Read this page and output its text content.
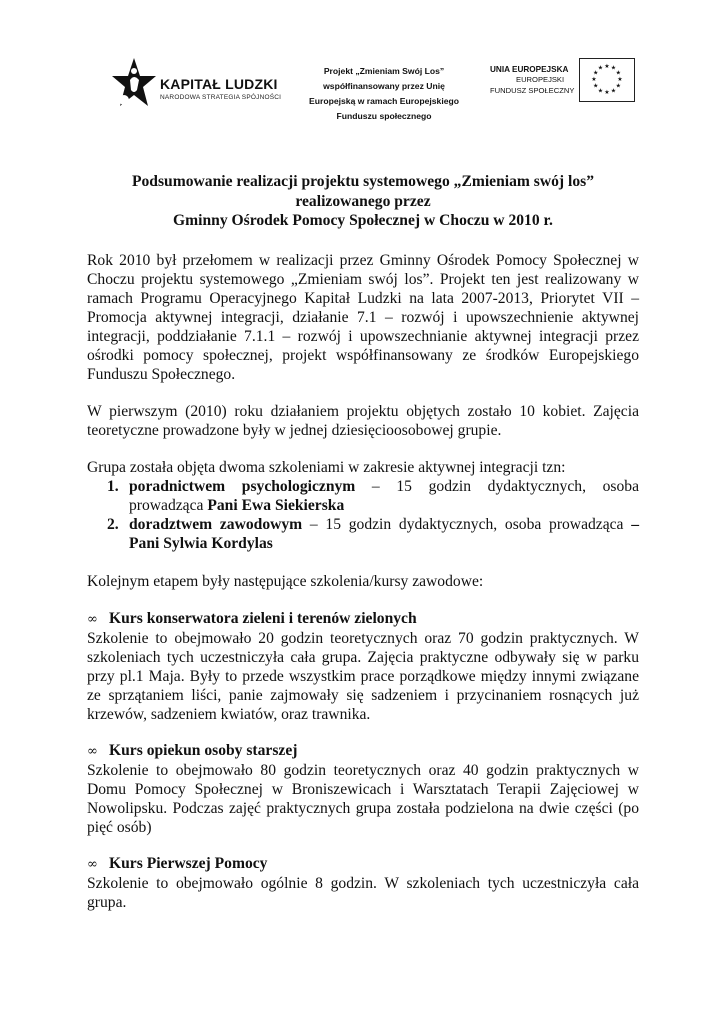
KAPITAŁ LUDZKI
NARODOWA STRATEGIA SPÓJNOŚCI
Projekt „Zmieniam Swój Los”
współfinansowany przez Unię
Europejską w ramach Europejskiego
Funduszu społecznego
UNIA EUROPEJSKA
EUROPEJSKI
FUNDUSZ SPOŁECZNY
★ ★
★
★
★
★
★
★
★
★
★
★
Podsumowanie realizacji projektu systemowego „Zmieniam swój los”
realizowanego przez
Gminny Ośrodek Pomocy Społecznej w Choczu w 2010 r.

Rok 2010 był przełomem w realizacji przez Gminny Ośrodek Pomocy Społecznej w Choczu projektu systemowego „Zmieniam swój los”. Projekt ten jest realizowany w ramach Programu Operacyjnego Kapitał Ludzki na lata 2007-2013, Priorytet VII – Promocja aktywnej integracji, działanie 7.1 – rozwój i upowszechnienie aktywnej integracji, poddziałanie 7.1.1 – rozwój i upowszechnianie aktywnej integracji przez ośrodki pomocy społecznej, projekt współfinansowany ze środków Europejskiego Funduszu Społecznego.

W pierwszym (2010) roku działaniem projektu objętych zostało 10 kobiet. Zajęcia teoretyczne prowadzone były w jednej dziesięcioosobowej grupie.

Grupa została objęta dwoma szkoleniami w zakresie aktywnej integracji tzn:

1. poradnictwem psychologicznym – 15 godzin dydaktycznych, osoba prowadząca Pani Ewa Siekierska
2. doradztwem zawodowym – 15 godzin dydaktycznych, osoba prowadząca – Pani Sylwia Kordylas

Kolejnym etapem były następujące szkolenia/kursy zawodowe:

∞ Kurs konserwatora zieleni i terenów zielonych

Szkolenie to obejmowało 20 godzin teoretycznych oraz 70 godzin praktycznych. W szkoleniach tych uczestniczyła cała grupa. Zajęcia praktyczne odbywały się w parku przy pl.1 Maja. Były to przede wszystkim prace porządkowe między innymi związane ze sprzątaniem liści, panie zajmowały się sadzeniem i przycinaniem rosnących już krzewów, sadzeniem kwiatów, oraz trawnika.

∞ Kurs opiekun osoby starszej

Szkolenie to obejmowało 80 godzin teoretycznych oraz 40 godzin praktycznych w Domu Pomocy Społecznej w Broniszewicach i Warsztatach Terapii Zajęciowej w Nowolipsku. Podczas zajęć praktycznych grupa została podzielona na dwie części (po pięć osób)

∞ Kurs Pierwszej Pomocy

Szkolenie to obejmowało ogólnie 8 godzin. W szkoleniach tych uczestniczyła cała grupa.
